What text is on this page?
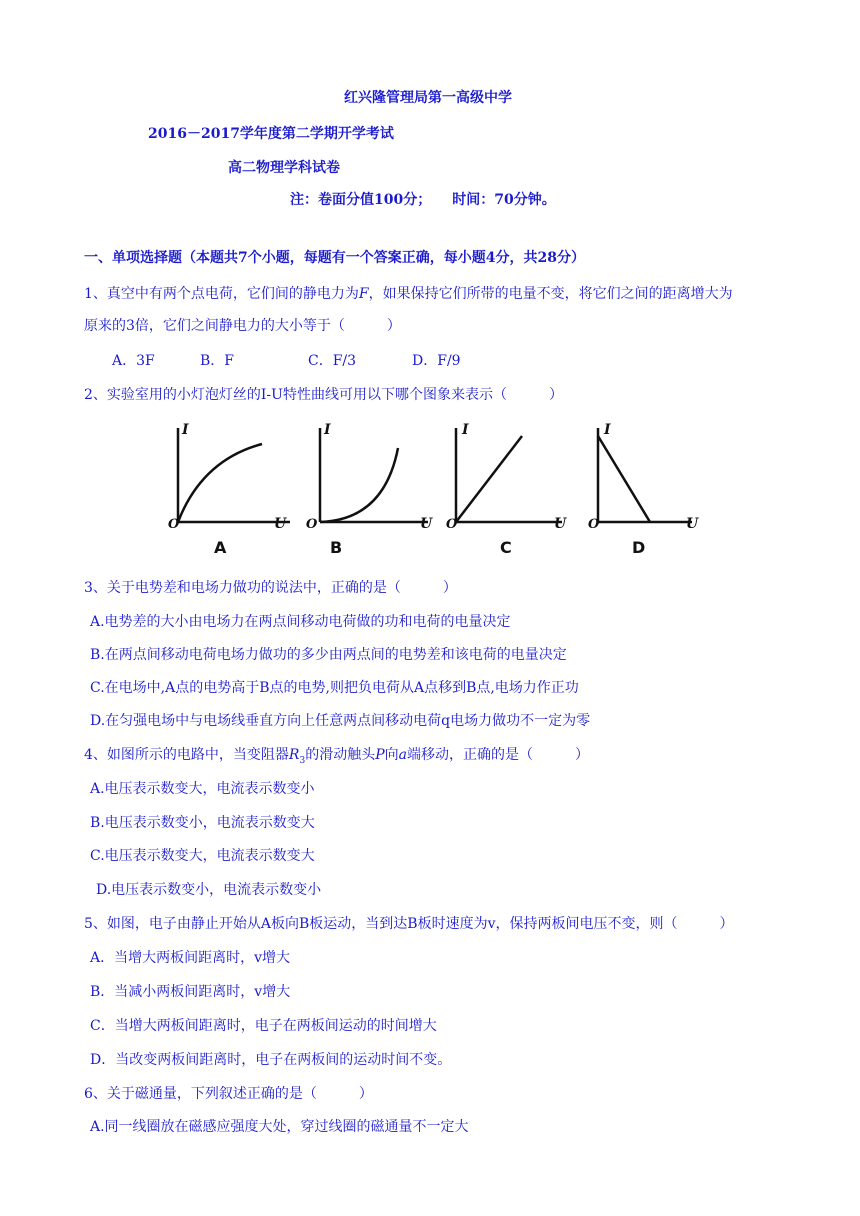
红兴隆管理局第一高级中学
2016－2017学年度第二学期开学考试
高二物理学科试卷
注：卷面分值100分；　　时间：70分钟。
一、单项选择题（本题共7个小题，每题有一个答案正确，每小题4分，共28分）
1、真空中有两个点电荷，它们间的静电力为F，如果保持它们所带的电量不变，将它们之间的距离增大为
原来的3倍，它们之间静电力的大小等于（　　　）
A．3F	B．F	C．F/3	D．F/9
2、实验室用的小灯泡灯丝的I-U特性曲线可用以下哪个图象来表示（　　　）
I
U
O
A
I
U
O
B
I
U
O
C
I
U
O
D
3、关于电势差和电场力做功的说法中，正确的是（　　　）
A.电势差的大小由电场力在两点间移动电荷做的功和电荷的电量决定
B.在两点间移动电荷电场力做功的多少由两点间的电势差和该电荷的电量决定
C.在电场中,A点的电势高于B点的电势,则把负电荷从A点移到B点,电场力作正功
D.在匀强电场中与电场线垂直方向上任意两点间移动电荷q电场力做功不一定为零
4、如图所示的电路中，当变阻器$R_3$的滑动触头P向a端移动，正确的是（　　　）
A.电压表示数变大，电流表示数变小
B.电压表示数变小，电流表示数变大
C.电压表示数变大，电流表示数变大
D.电压表示数变小，电流表示数变小
5、如图，电子由静止开始从A板向B板运动，当到达B板时速度为v，保持两板间电压不变，则（　　　）
A．当增大两板间距离时，v增大
B．当减小两板间距离时，v增大
C．当增大两板间距离时，电子在两板间运动的时间增大
D．当改变两板间距离时，电子在两板间的运动时间不变。
6、关于磁通量，下列叙述正确的是（　　　）
A.同一线圈放在磁感应强度大处，穿过线圈的磁通量不一定大
